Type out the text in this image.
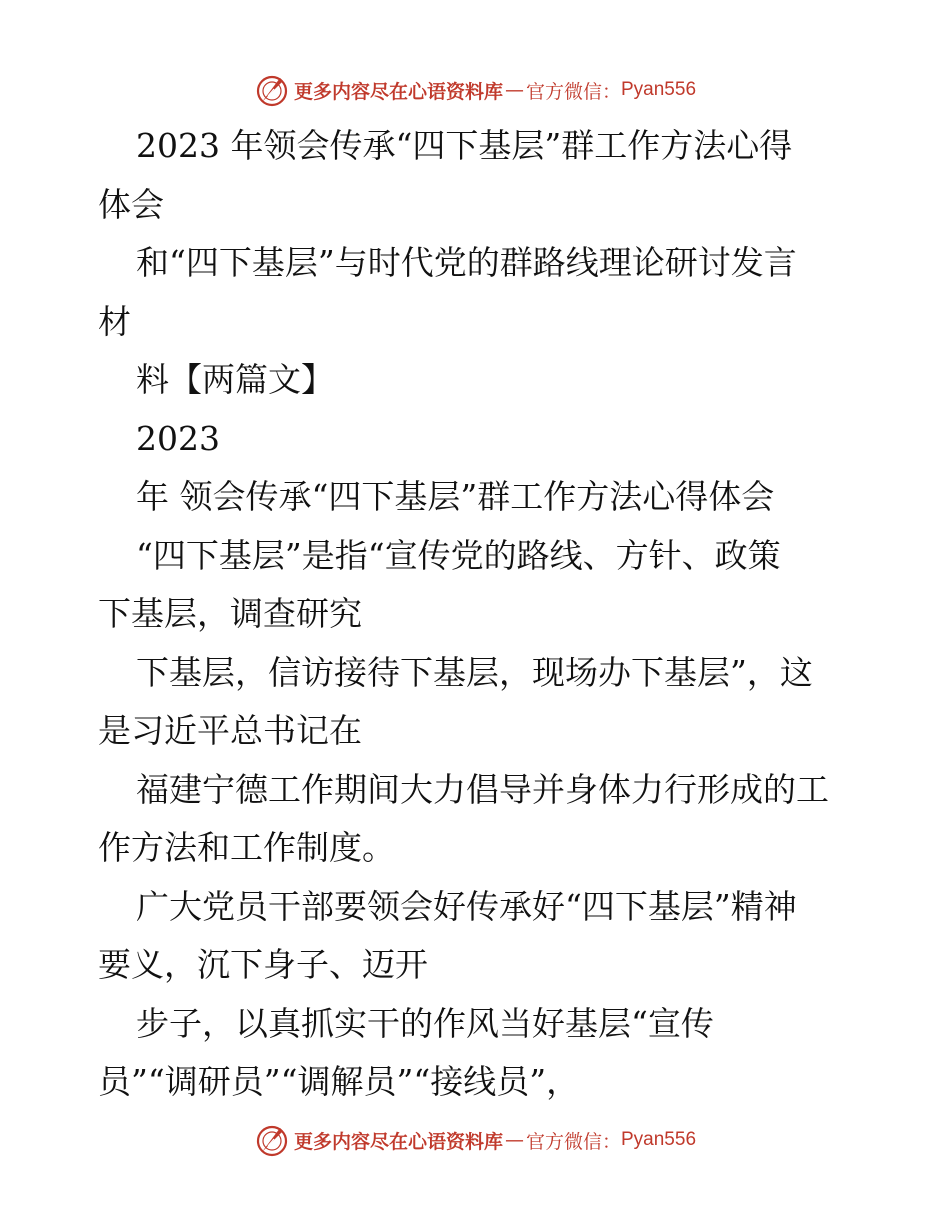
更多内容尽在心语资料库 — 官方微信： Pyan556
2023 年领会传承“四下基层”群工作方法心得
体会
和“四下基层”与时代党的群路线理论研讨发言
材
料【两篇文】
2023
年 领会传承“四下基层”群工作方法心得体会
“四下基层”是指“宣传党的路线、方针、政策
下基层，调查研究
下基层，信访接待下基层，现场办下基层”，这
是习近平总书记在
福建宁德工作期间大力倡导并身体力行形成的工
作方法和工作制度。
广大党员干部要领会好传承好“四下基层”精神
要义，沉下身子、迈开
步子，以真抓实干的作风当好基层“宣传
员”“调研员”“调解员”“接线员”，
更多内容尽在心语资料库 — 官方微信： Pyan556
